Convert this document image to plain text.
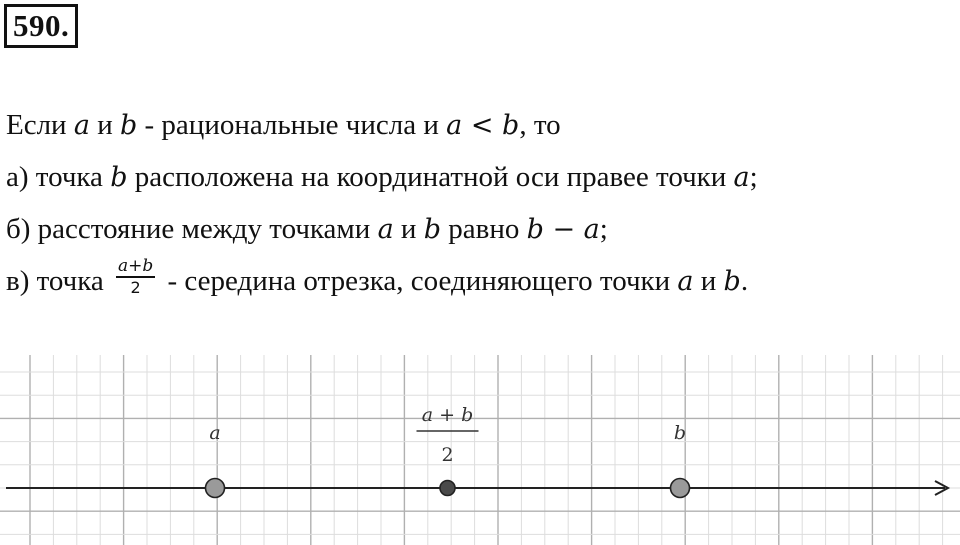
590.
Если a и b - рациональные числа и a < b, то
а) точка b расположена на координатной оси правее точки a;
б) расстояние между точками a и b равно b − a;
в) точка $\frac{a+b}{2}$ - середина отрезка, соединяющего точки a и b.
a
a + b
2
b
